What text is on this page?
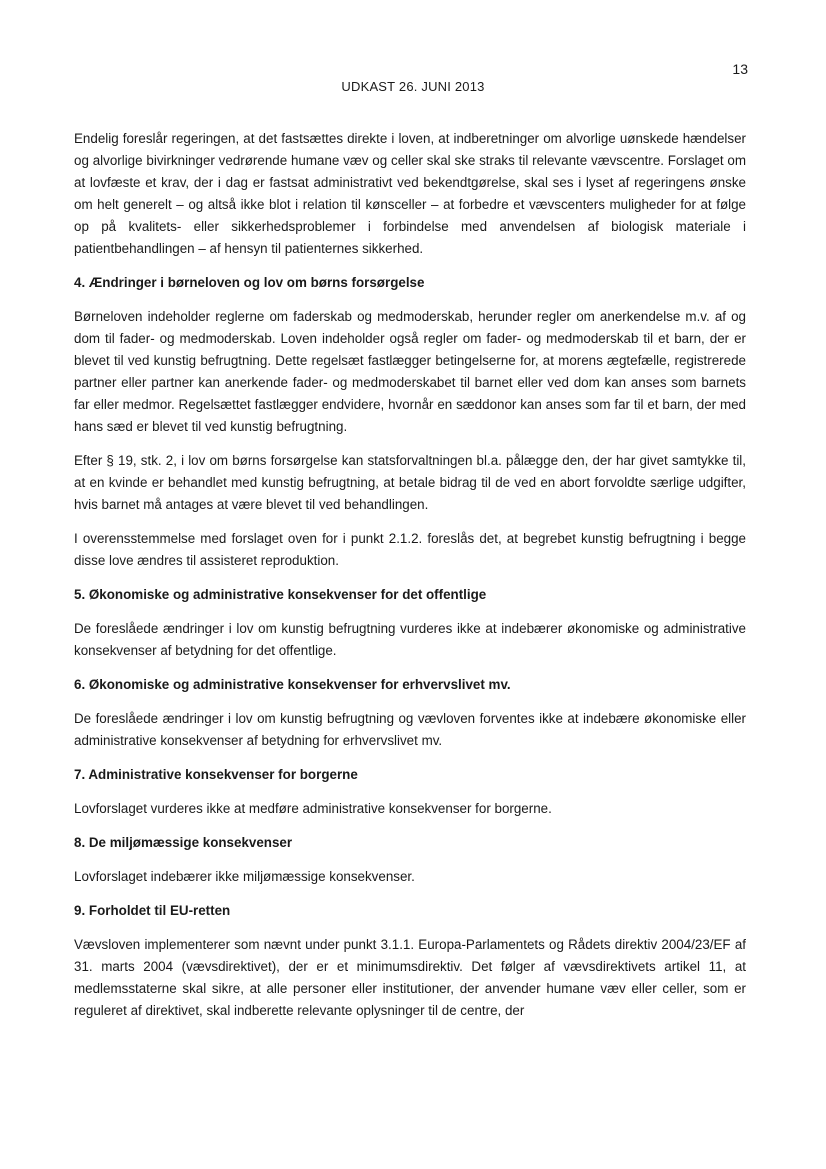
13
UDKAST 26. JUNI 2013

Endelig foreslår regeringen, at det fastsættes direkte i loven, at indberetninger om alvorlige uønskede hændelser og alvorlige bivirkninger vedrørende humane væv og celler skal ske straks til relevante vævscentre. Forslaget om at lovfæste et krav, der i dag er fastsat administrativt ved bekendtgørelse, skal ses i lyset af regeringens ønske om helt generelt – og altså ikke blot i relation til kønsceller – at forbedre et vævscenters muligheder for at følge op på kvalitets- eller sikkerhedsproblemer i forbindelse med anvendelsen af biologisk materiale i patientbehandlingen – af hensyn til patienternes sikkerhed.

4. Ændringer i børneloven og lov om børns forsørgelse

Børneloven indeholder reglerne om faderskab og medmoderskab, herunder regler om anerkendelse m.v. af og dom til fader- og medmoderskab. Loven indeholder også regler om fader- og medmoderskab til et barn, der er blevet til ved kunstig befrugtning. Dette regelsæt fastlægger betingelserne for, at morens ægtefælle, registrerede partner eller partner kan anerkende fader- og medmoderskabet til barnet eller ved dom kan anses som barnets far eller medmor. Regelsættet fastlægger endvidere, hvornår en sæddonor kan anses som far til et barn, der med hans sæd er blevet til ved kunstig befrugtning.

Efter § 19, stk. 2, i lov om børns forsørgelse kan statsforvaltningen bl.a. pålægge den, der har givet samtykke til, at en kvinde er behandlet med kunstig befrugtning, at betale bidrag til de ved en abort forvoldte særlige udgifter, hvis barnet må antages at være blevet til ved behandlingen.

I overensstemmelse med forslaget oven for i punkt 2.1.2. foreslås det, at begrebet kunstig befrugtning i begge disse love ændres til assisteret reproduktion.

5. Økonomiske og administrative konsekvenser for det offentlige

De foreslåede ændringer i lov om kunstig befrugtning vurderes ikke at indebærer økonomiske og administrative konsekvenser af betydning for det offentlige.

6. Økonomiske og administrative konsekvenser for erhvervslivet mv.

De foreslåede ændringer i lov om kunstig befrugtning og vævloven forventes ikke at indebære økonomiske eller administrative konsekvenser af betydning for erhvervslivet mv.

7. Administrative konsekvenser for borgerne

Lovforslaget vurderes ikke at medføre administrative konsekvenser for borgerne.

8. De miljømæssige konsekvenser

Lovforslaget indebærer ikke miljømæssige konsekvenser.

9. Forholdet til EU-retten

Vævsloven implementerer som nævnt under punkt 3.1.1. Europa-Parlamentets og Rådets direktiv 2004/23/EF af 31. marts 2004 (vævsdirektivet), der er et minimumsdirektiv. Det følger af vævsdirektivets artikel 11, at medlemsstaterne skal sikre, at alle personer eller institutioner, der anvender humane væv eller celler, som er reguleret af direktivet, skal indberette relevante oplysninger til de centre, der
